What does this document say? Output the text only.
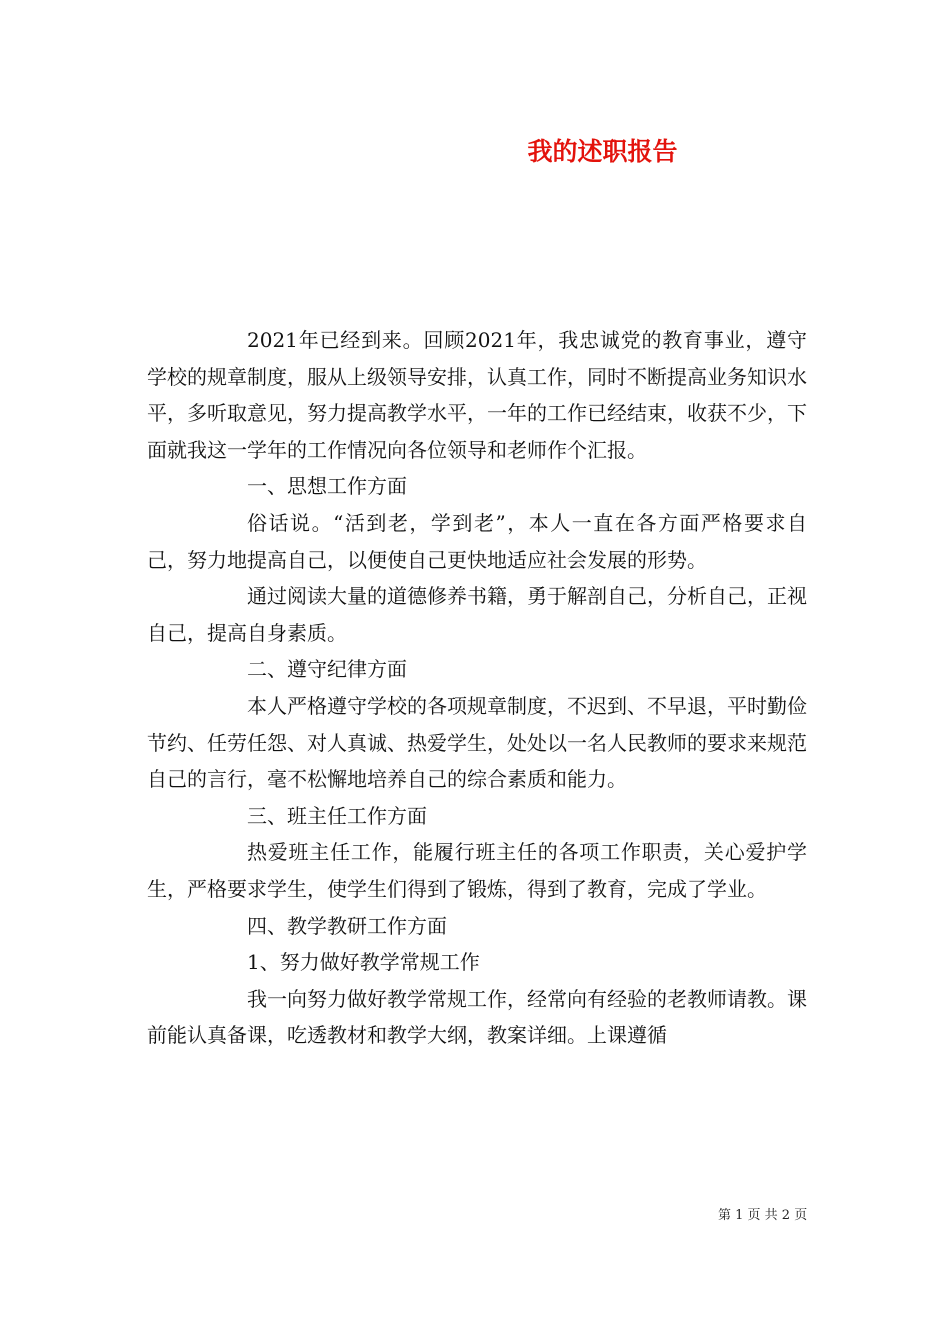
我的述职报告

2021年已经到来。回顾2021年，我忠诚党的教育事业，遵守学校的规章制度，服从上级领导安排，认真工作，同时不断提高业务知识水平，多听取意见，努力提高教学水平，一年的工作已经结束，收获不少，下面就我这一学年的工作情况向各位领导和老师作个汇报。

一、思想工作方面

俗话说。“活到老，学到老”，本人一直在各方面严格要求自己，努力地提高自己，以便使自己更快地适应社会发展的形势。

通过阅读大量的道德修养书籍，勇于解剖自己，分析自己，正视自己，提高自身素质。

二、遵守纪律方面

本人严格遵守学校的各项规章制度，不迟到、不早退，平时勤俭节约、任劳任怨、对人真诚、热爱学生，处处以一名人民教师的要求来规范自己的言行，毫不松懈地培养自己的综合素质和能力。

三、班主任工作方面

热爱班主任工作，能履行班主任的各项工作职责，关心爱护学生，严格要求学生，使学生们得到了锻炼，得到了教育，完成了学业。

四、教学教研工作方面

1、努力做好教学常规工作

我一向努力做好教学常规工作，经常向有经验的老教师请教。课前能认真备课，吃透教材和教学大纲，教案详细。上课遵循

第 1 页 共 2 页
